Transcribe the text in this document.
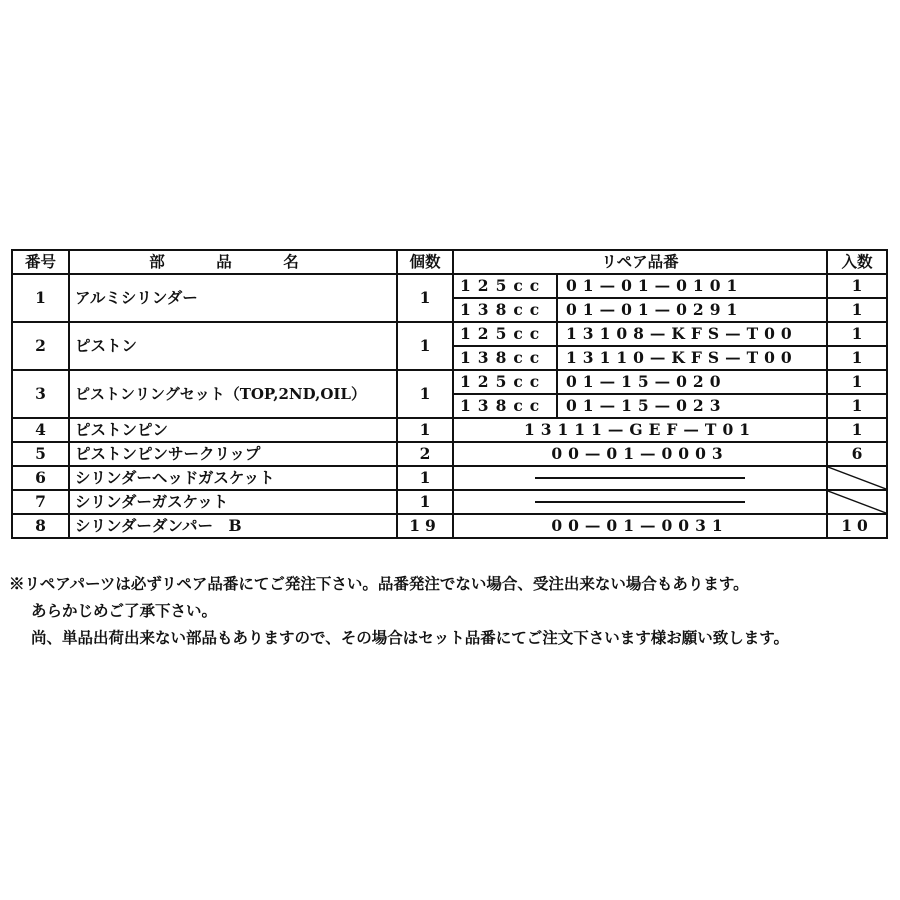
番号	部　品　名	個数	リペア品番		入数
1	アルミシリンダー	1	125cc	01—01—0101	1
			138cc	01—01—0291	1
2	ピストン	1	125cc	13108—KFS—T00	1
			138cc	13110—KFS—T00	1
3	ピストンリングセット（TOP,2ND,OIL）	1	125cc	01—15—020	1
			138cc	01—15—023	1
4	ピストンピン	1	13111—GEF—T01		1
5	ピストンピンサークリップ	2	00—01—0003		6
6	シリンダーヘッドガスケット	1	

7	シリンダーガスケット	1	

8	シリンダーダンパー　B	19	00—01—0031		10
※リペアパーツは必ずリペア品番にてご発注下さい。品番発注でない場合、受注出来ない場合もあります。
あらかじめご了承下さい。
尚、単品出荷出来ない部品もありますので、その場合はセット品番にてご注文下さいます様お願い致します。
